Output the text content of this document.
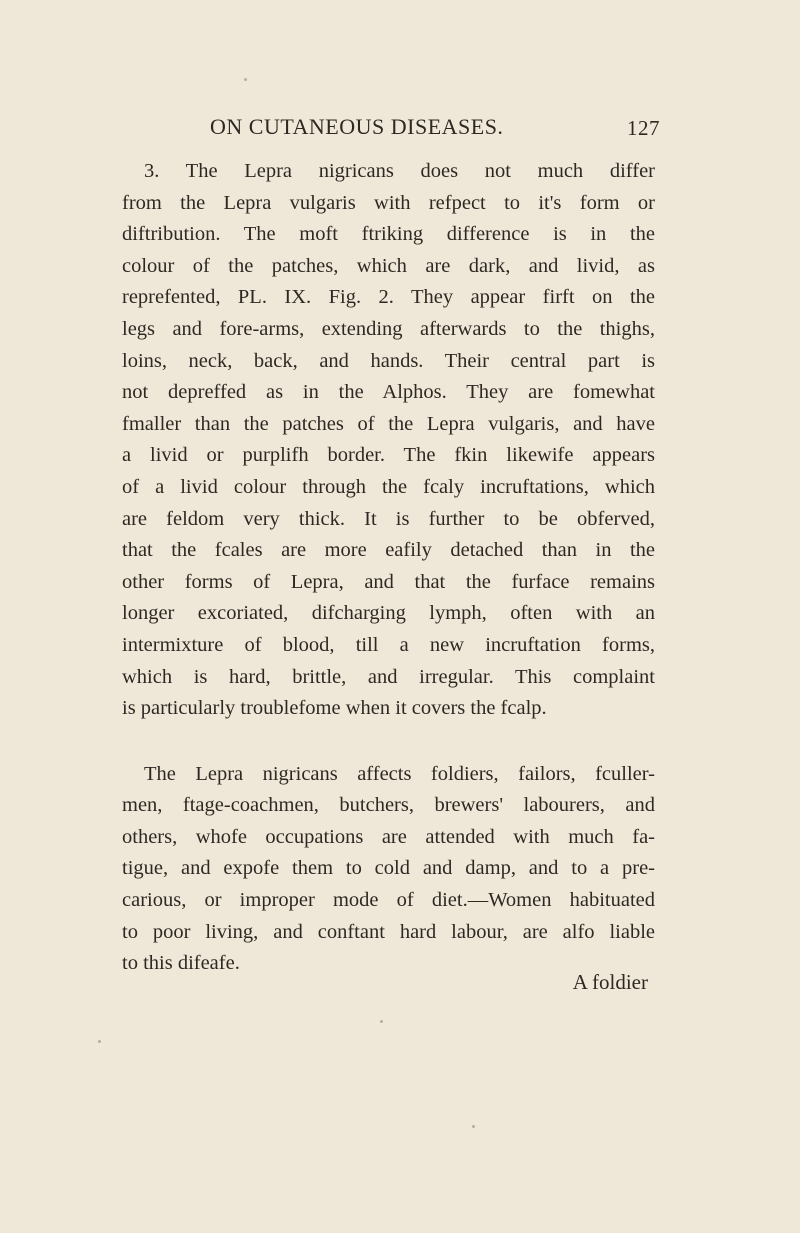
ON CUTANEOUS DISEASES.	127
3. The Lepra nigricans does not much differ
from the Lepra vulgaris with refpect to it's form or
diftribution. The moft ftriking difference is in the
colour of the patches, which are dark, and livid, as
reprefented, PL. IX. Fig. 2. They appear firft on the
legs and fore-arms, extending afterwards to the thighs,
loins, neck, back, and hands. Their central part is
not depreffed as in the Alphos. They are fomewhat
fmaller than the patches of the Lepra vulgaris, and have
a livid or purplifh border. The fkin likewife appears
of a livid colour through the fcaly incruftations, which
are feldom very thick. It is further to be obferved,
that the fcales are more eafily detached than in the
other forms of Lepra, and that the furface remains
longer excoriated, difcharging lymph, often with an
intermixture of blood, till a new incruftation forms,
which is hard, brittle, and irregular. This complaint
is particularly troublefome when it covers the fcalp.
The Lepra nigricans affects foldiers, failors, fculler-
men, ftage-coachmen, butchers, brewers' labourers, and
others, whofe occupations are attended with much fa-
tigue, and expofe them to cold and damp, and to a pre-
carious, or improper mode of diet.—Women habituated
to poor living, and conftant hard labour, are alfo liable
to this difeafe.
A foldier
